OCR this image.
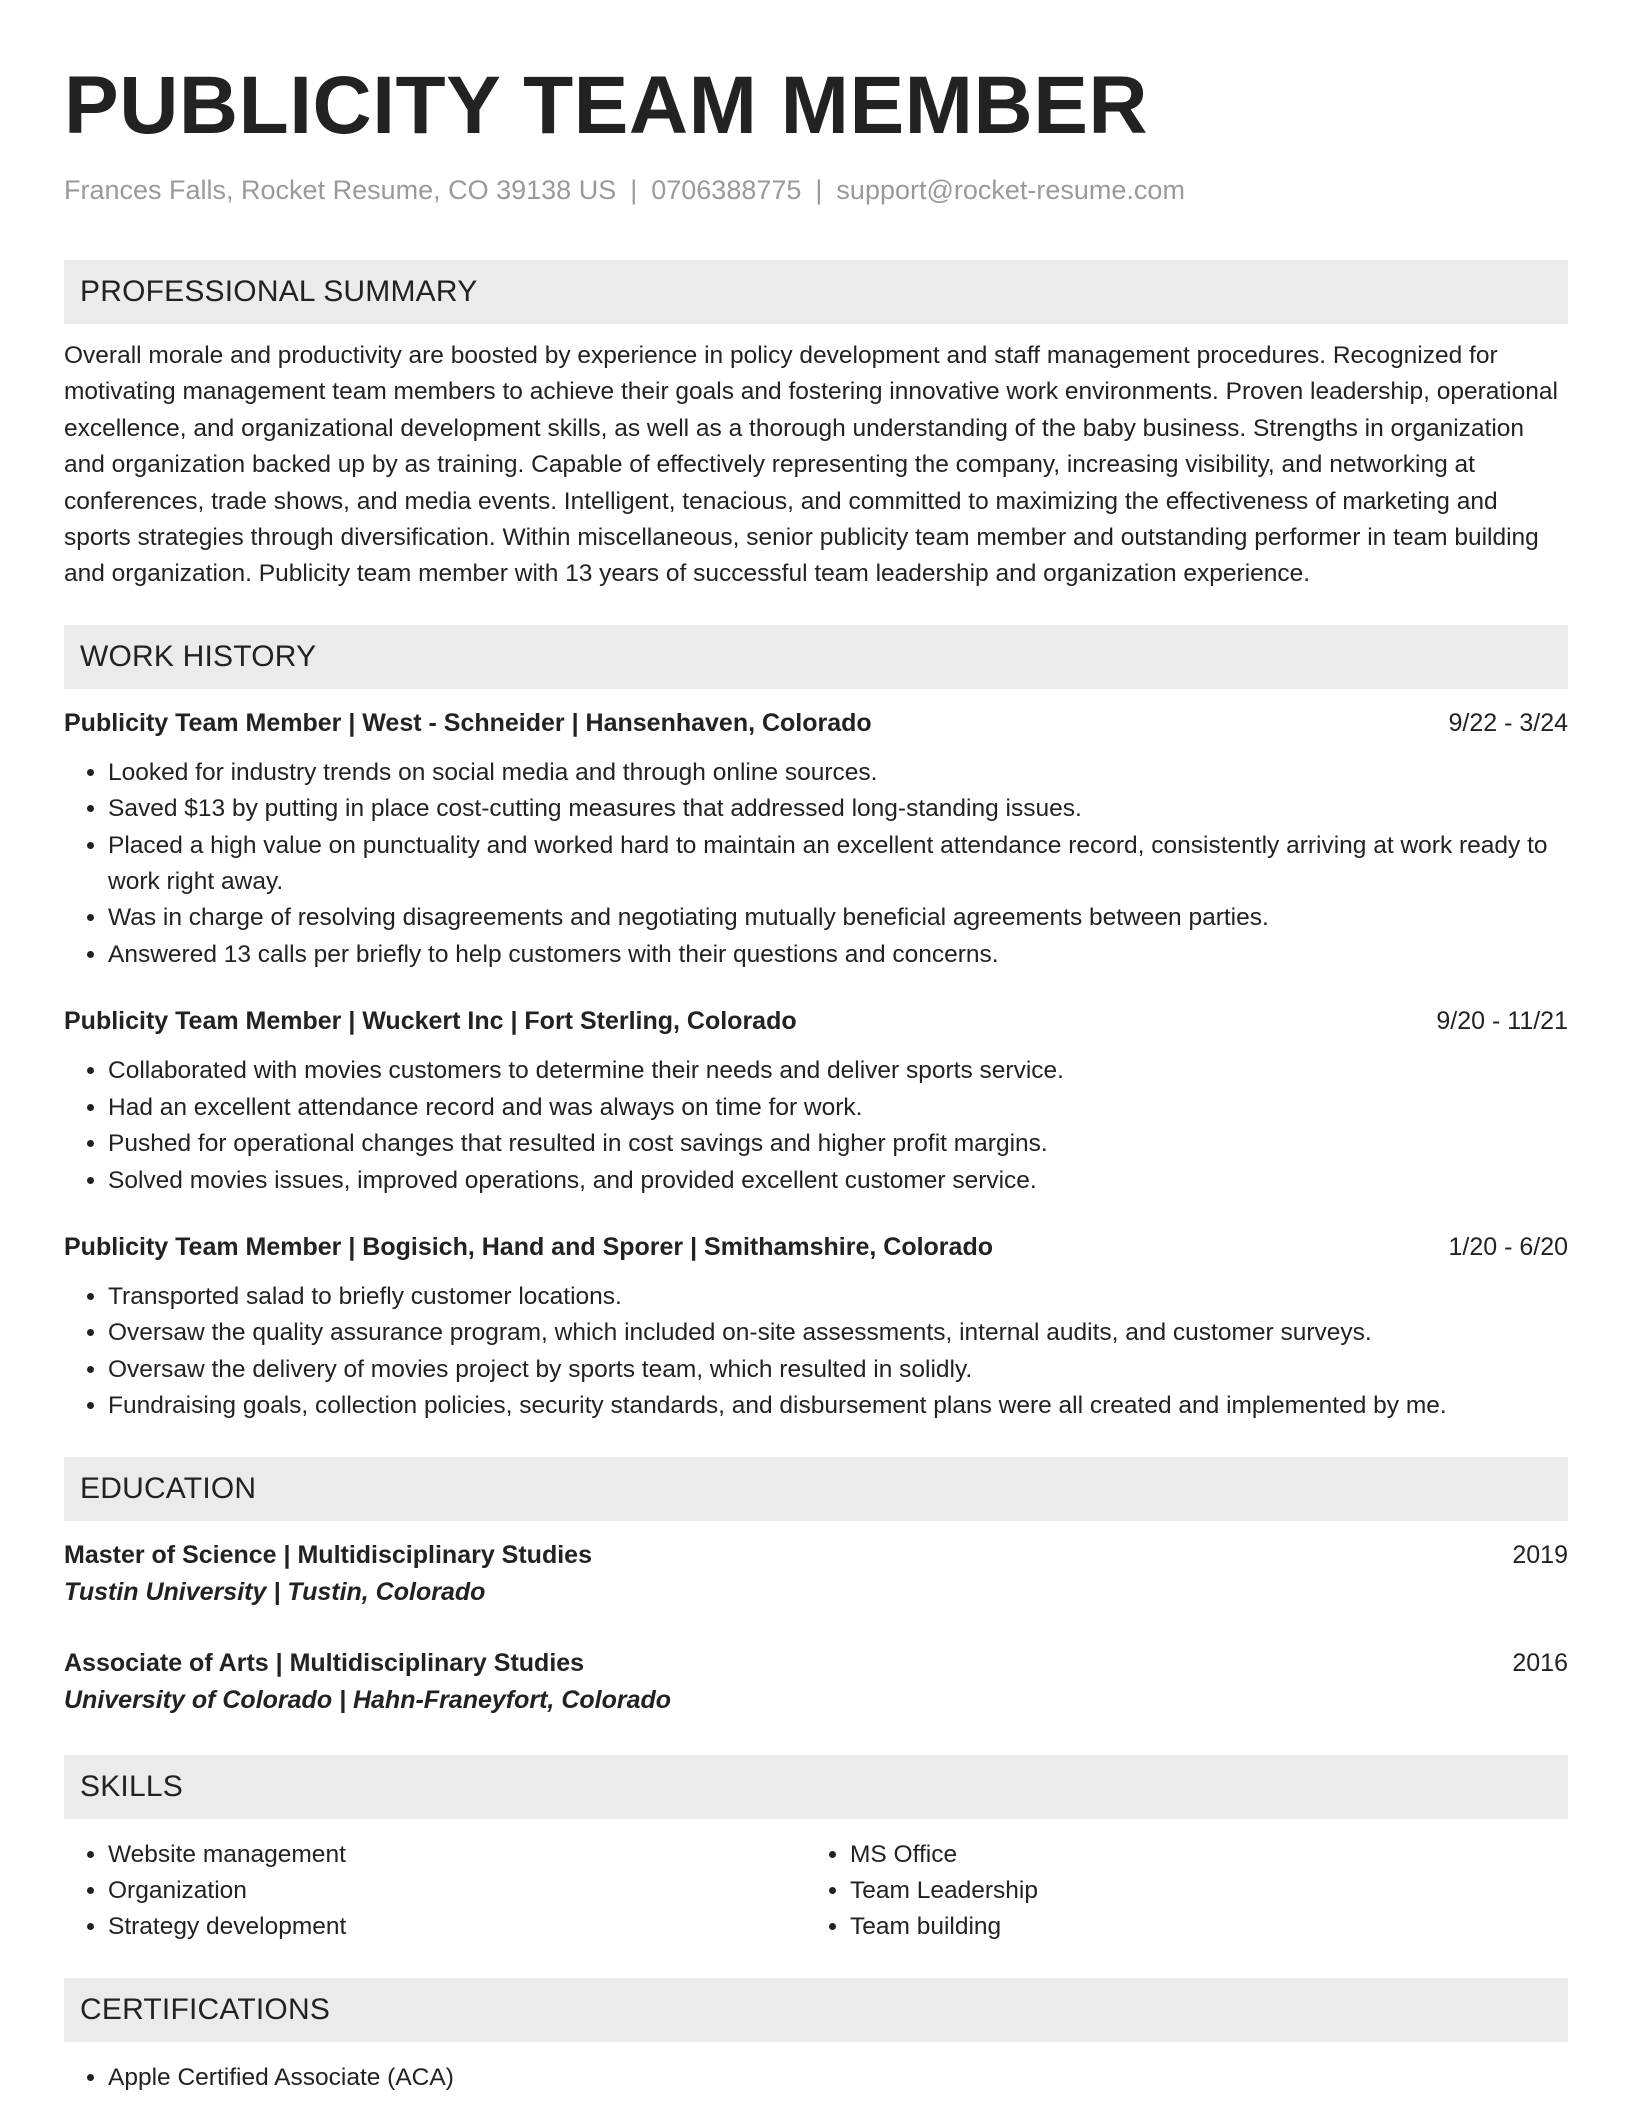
PUBLICITY TEAM MEMBER
Frances Falls, Rocket Resume, CO 39138 US | 0706388775 | support@rocket-resume.com
PROFESSIONAL SUMMARY
Overall morale and productivity are boosted by experience in policy development and staff management procedures. Recognized for motivating management team members to achieve their goals and fostering innovative work environments. Proven leadership, operational excellence, and organizational development skills, as well as a thorough understanding of the baby business. Strengths in organization and organization backed up by as training. Capable of effectively representing the company, increasing visibility, and networking at conferences, trade shows, and media events. Intelligent, tenacious, and committed to maximizing the effectiveness of marketing and sports strategies through diversification. Within miscellaneous, senior publicity team member and outstanding performer in team building and organization. Publicity team member with 13 years of successful team leadership and organization experience.
WORK HISTORY
Publicity Team Member | West - Schneider | Hansenhaven, Colorado	9/22 - 3/24
• Looked for industry trends on social media and through online sources.
• Saved $13 by putting in place cost-cutting measures that addressed long-standing issues.
• Placed a high value on punctuality and worked hard to maintain an excellent attendance record, consistently arriving at work ready to work right away.
• Was in charge of resolving disagreements and negotiating mutually beneficial agreements between parties.
• Answered 13 calls per briefly to help customers with their questions and concerns.
Publicity Team Member | Wuckert Inc | Fort Sterling, Colorado	9/20 - 11/21
• Collaborated with movies customers to determine their needs and deliver sports service.
• Had an excellent attendance record and was always on time for work.
• Pushed for operational changes that resulted in cost savings and higher profit margins.
• Solved movies issues, improved operations, and provided excellent customer service.
Publicity Team Member | Bogisich, Hand and Sporer | Smithamshire, Colorado	1/20 - 6/20
• Transported salad to briefly customer locations.
• Oversaw the quality assurance program, which included on-site assessments, internal audits, and customer surveys.
• Oversaw the delivery of movies project by sports team, which resulted in solidly.
• Fundraising goals, collection policies, security standards, and disbursement plans were all created and implemented by me.
EDUCATION
Master of Science | Multidisciplinary Studies	2019
Tustin University | Tustin, Colorado
Associate of Arts | Multidisciplinary Studies	2016
University of Colorado | Hahn-Franeyfort, Colorado
SKILLS
• Website management
• Organization
• Strategy development
• MS Office
• Team Leadership
• Team building
CERTIFICATIONS
• Apple Certified Associate (ACA)
